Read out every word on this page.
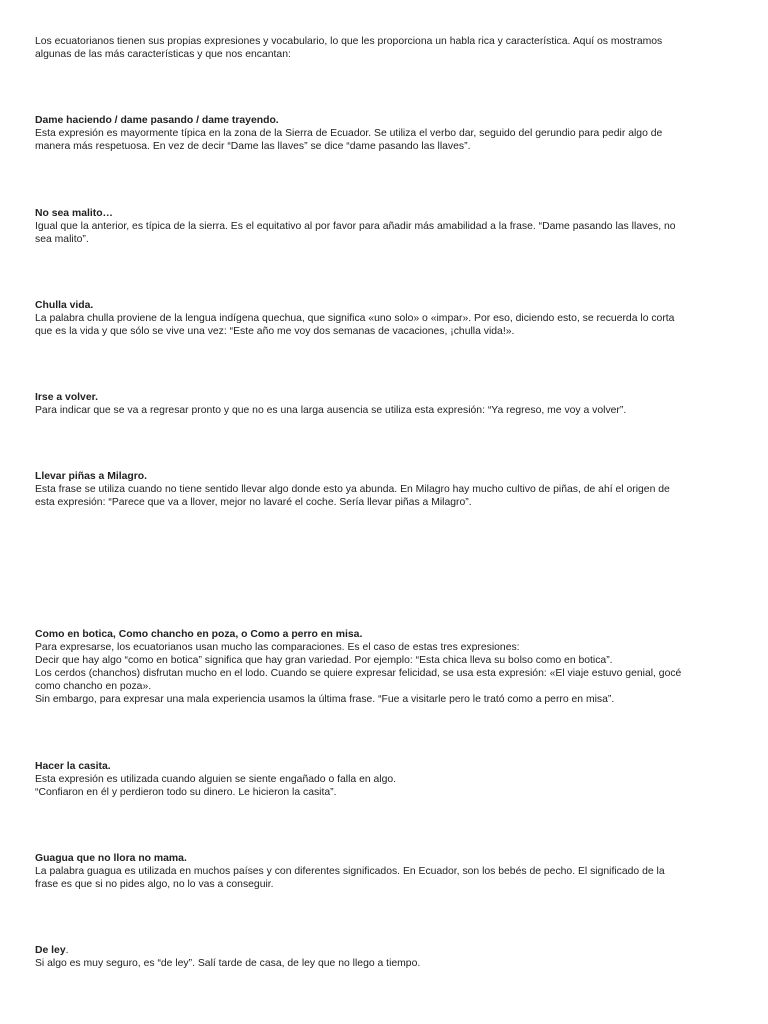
Los ecuatorianos tienen sus propias expresiones y vocabulario, lo que les proporciona un habla rica y característica. Aquí os mostramos
algunas de las más características y que nos encantan:

Dame haciendo / dame pasando / dame trayendo.

Esta expresión es mayormente típica en la zona de la Sierra de Ecuador. Se utiliza el verbo dar, seguido del gerundio para pedir algo de
manera más respetuosa. En vez de decir “Dame las llaves” se dice “dame pasando las llaves”.

No sea malito…

Igual que la anterior, es típica de la sierra. Es el equitativo al por favor para añadir más amabilidad a la frase. “Dame pasando las llaves, no
sea malito”.

Chulla vida.

La palabra chulla proviene de la lengua indígena quechua, que significa «uno solo» o «impar». Por eso, diciendo esto, se recuerda lo corta
que es la vida y que sólo se vive una vez: “Este año me voy dos semanas de vacaciones, ¡chulla vida!».

Irse a volver.

Para indicar que se va a regresar pronto y que no es una larga ausencia se utiliza esta expresión: “Ya regreso, me voy a volver”.

Llevar piñas a Milagro.

Esta frase se utiliza cuando no tiene sentido llevar algo donde esto ya abunda. En Milagro hay mucho cultivo de piñas, de ahí el origen de
esta expresión: “Parece que va a llover, mejor no lavaré el coche. Sería llevar piñas a Milagro”.

Como en botica, Como chancho en poza, o Como a perro en misa.

Para expresarse, los ecuatorianos usan mucho las comparaciones. Es el caso de estas tres expresiones:
Decir que hay algo “como en botica” significa que hay gran variedad. Por ejemplo: “Esta chica lleva su bolso como en botica”.
Los cerdos (chanchos) disfrutan mucho en el lodo. Cuando se quiere expresar felicidad, se usa esta expresión: «El viaje estuvo genial, gocé
como chancho en poza».
Sin embargo, para expresar una mala experiencia usamos la última frase. “Fue a visitarle pero le trató como a perro en misa”.

Hacer la casita.

Esta expresión es utilizada cuando alguien se siente engañado o falla en algo.
“Confiaron en él y perdieron todo su dinero. Le hicieron la casita”.

Guagua que no llora no mama.

La palabra guagua es utilizada en muchos países y con diferentes significados. En Ecuador, son los bebés de pecho. El significado de la
frase es que si no pides algo, no lo vas a conseguir.

De ley.

Si algo es muy seguro, es “de ley”. Salí tarde de casa, de ley que no llego a tiempo.
